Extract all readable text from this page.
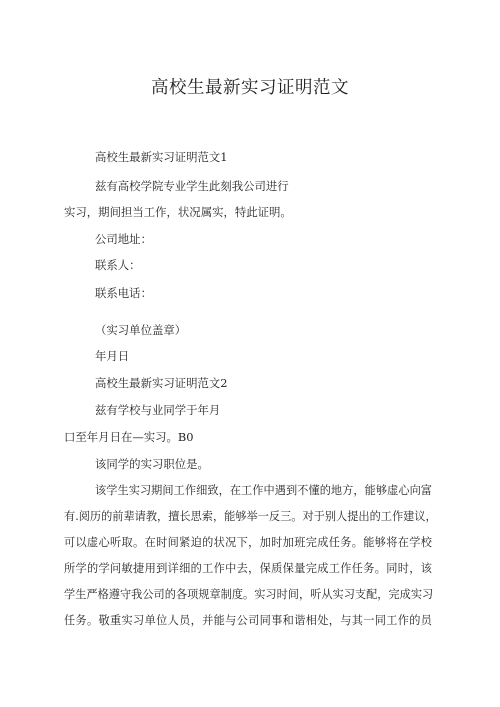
高校生最新实习证明范文
高校生最新实习证明范文1
兹有高校学院专业学生此刻我公司进行
实习，期间担当工作，状况属实，特此证明。
公司地址：
联系人：
联系电话：
（实习单位盖章）
年月日
高校生最新实习证明范文2
兹有学校与业同学于年月
口至年月日在—实习。B0
该同学的实习职位是。
该学生实习期间工作细致，在工作中遇到不懂的地方，能够虚心向富
有.阅历的前辈请教，擅长思索，能够举一反三。对于别人提出的工作建议，
可以虚心听取。在时间紧迫的状况下，加时加班完成任务。能够将在学校
所学的学问敏捷用到详细的工作中去，保质保量完成工作任务。同时，该
学生严格遵守我公司的各项规章制度。实习时间，听从实习支配，完成实习
任务。敬重实习单位人员，并能与公司同事和谐相处，与其一同工作的员
